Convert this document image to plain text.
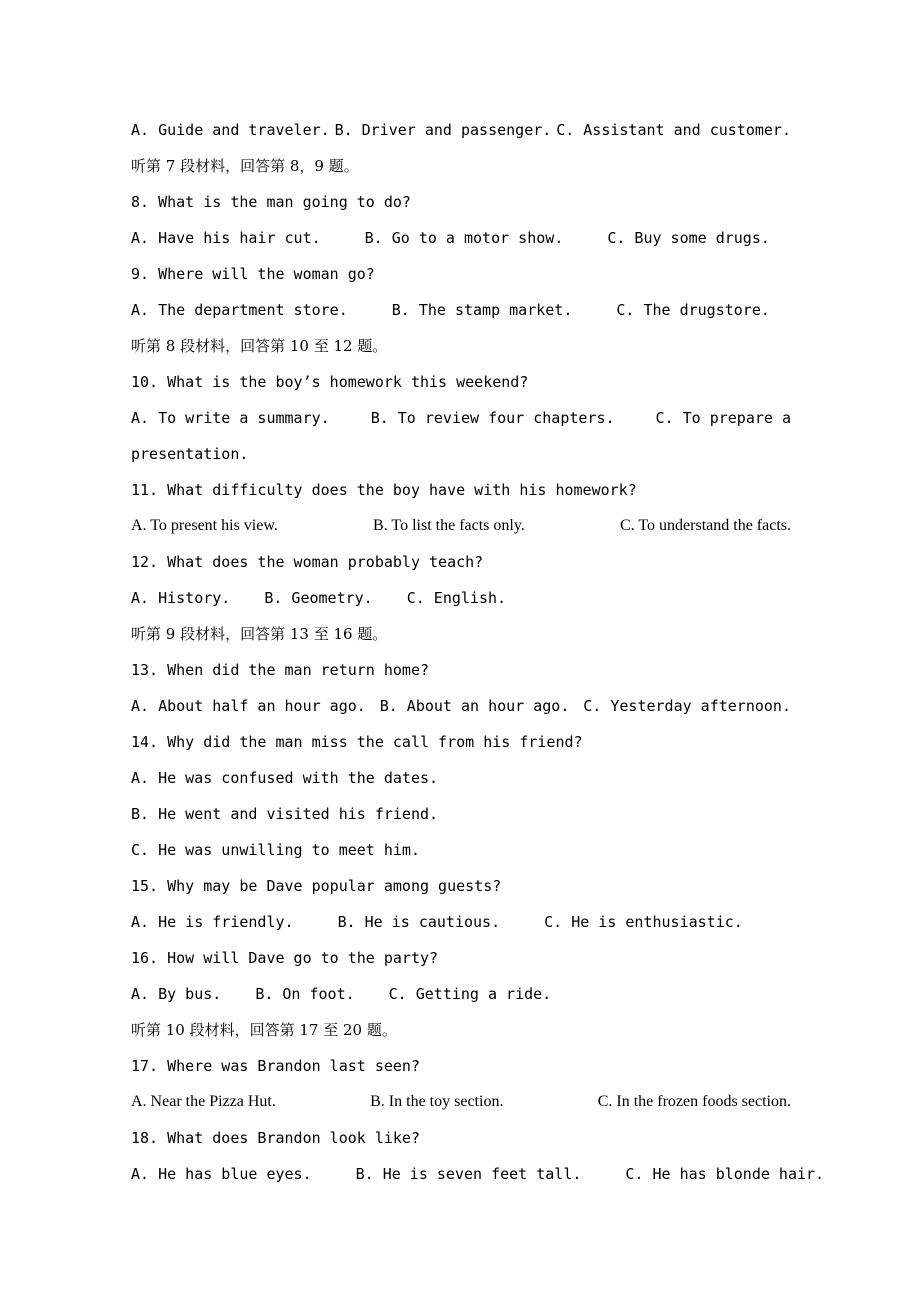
A. Guide and traveler. B. Driver and passenger. C. Assistant and customer.
听第 7 段材料，回答第 8，9 题。
8. What is the man going to do?
A. Have his hair cut.	B. Go to a motor show.	C. Buy some drugs.
9. Where will the woman go?
A. The department store.	B. The stamp market.	C. The drugstore.
听第 8 段材料，回答第 10 至 12 题。
10. What is the boy’s homework this weekend?
A. To write a summary.	B. To review four chapters.	C. To prepare a
presentation.
11. What difficulty does the boy have with his homework?
A. To present his view.	B. To list the facts only.	C. To understand the facts.
12. What does the woman probably teach?
A. History. B. Geometry. C. English.
听第 9 段材料，回答第 13 至 16 题。
13. When did the man return home?
A. About half an hour ago. B. About an hour ago. C. Yesterday afternoon.
14. Why did the man miss the call from his friend?
A. He was confused with the dates.
B. He went and visited his friend.
C. He was unwilling to meet him.
15. Why may be Dave popular among guests?
A. He is friendly.	B. He is cautious.	C. He is enthusiastic.
16. How will Dave go to the party?
A. By bus. B. On foot. C. Getting a ride.
听第 10 段材料，回答第 17 至 20 题。
17. Where was Brandon last seen?
A. Near the Pizza Hut.	B. In the toy section.	C. In the frozen foods section.
18. What does Brandon look like?
A. He has blue eyes.	B. He is seven feet tall.	C. He has blonde hair.
